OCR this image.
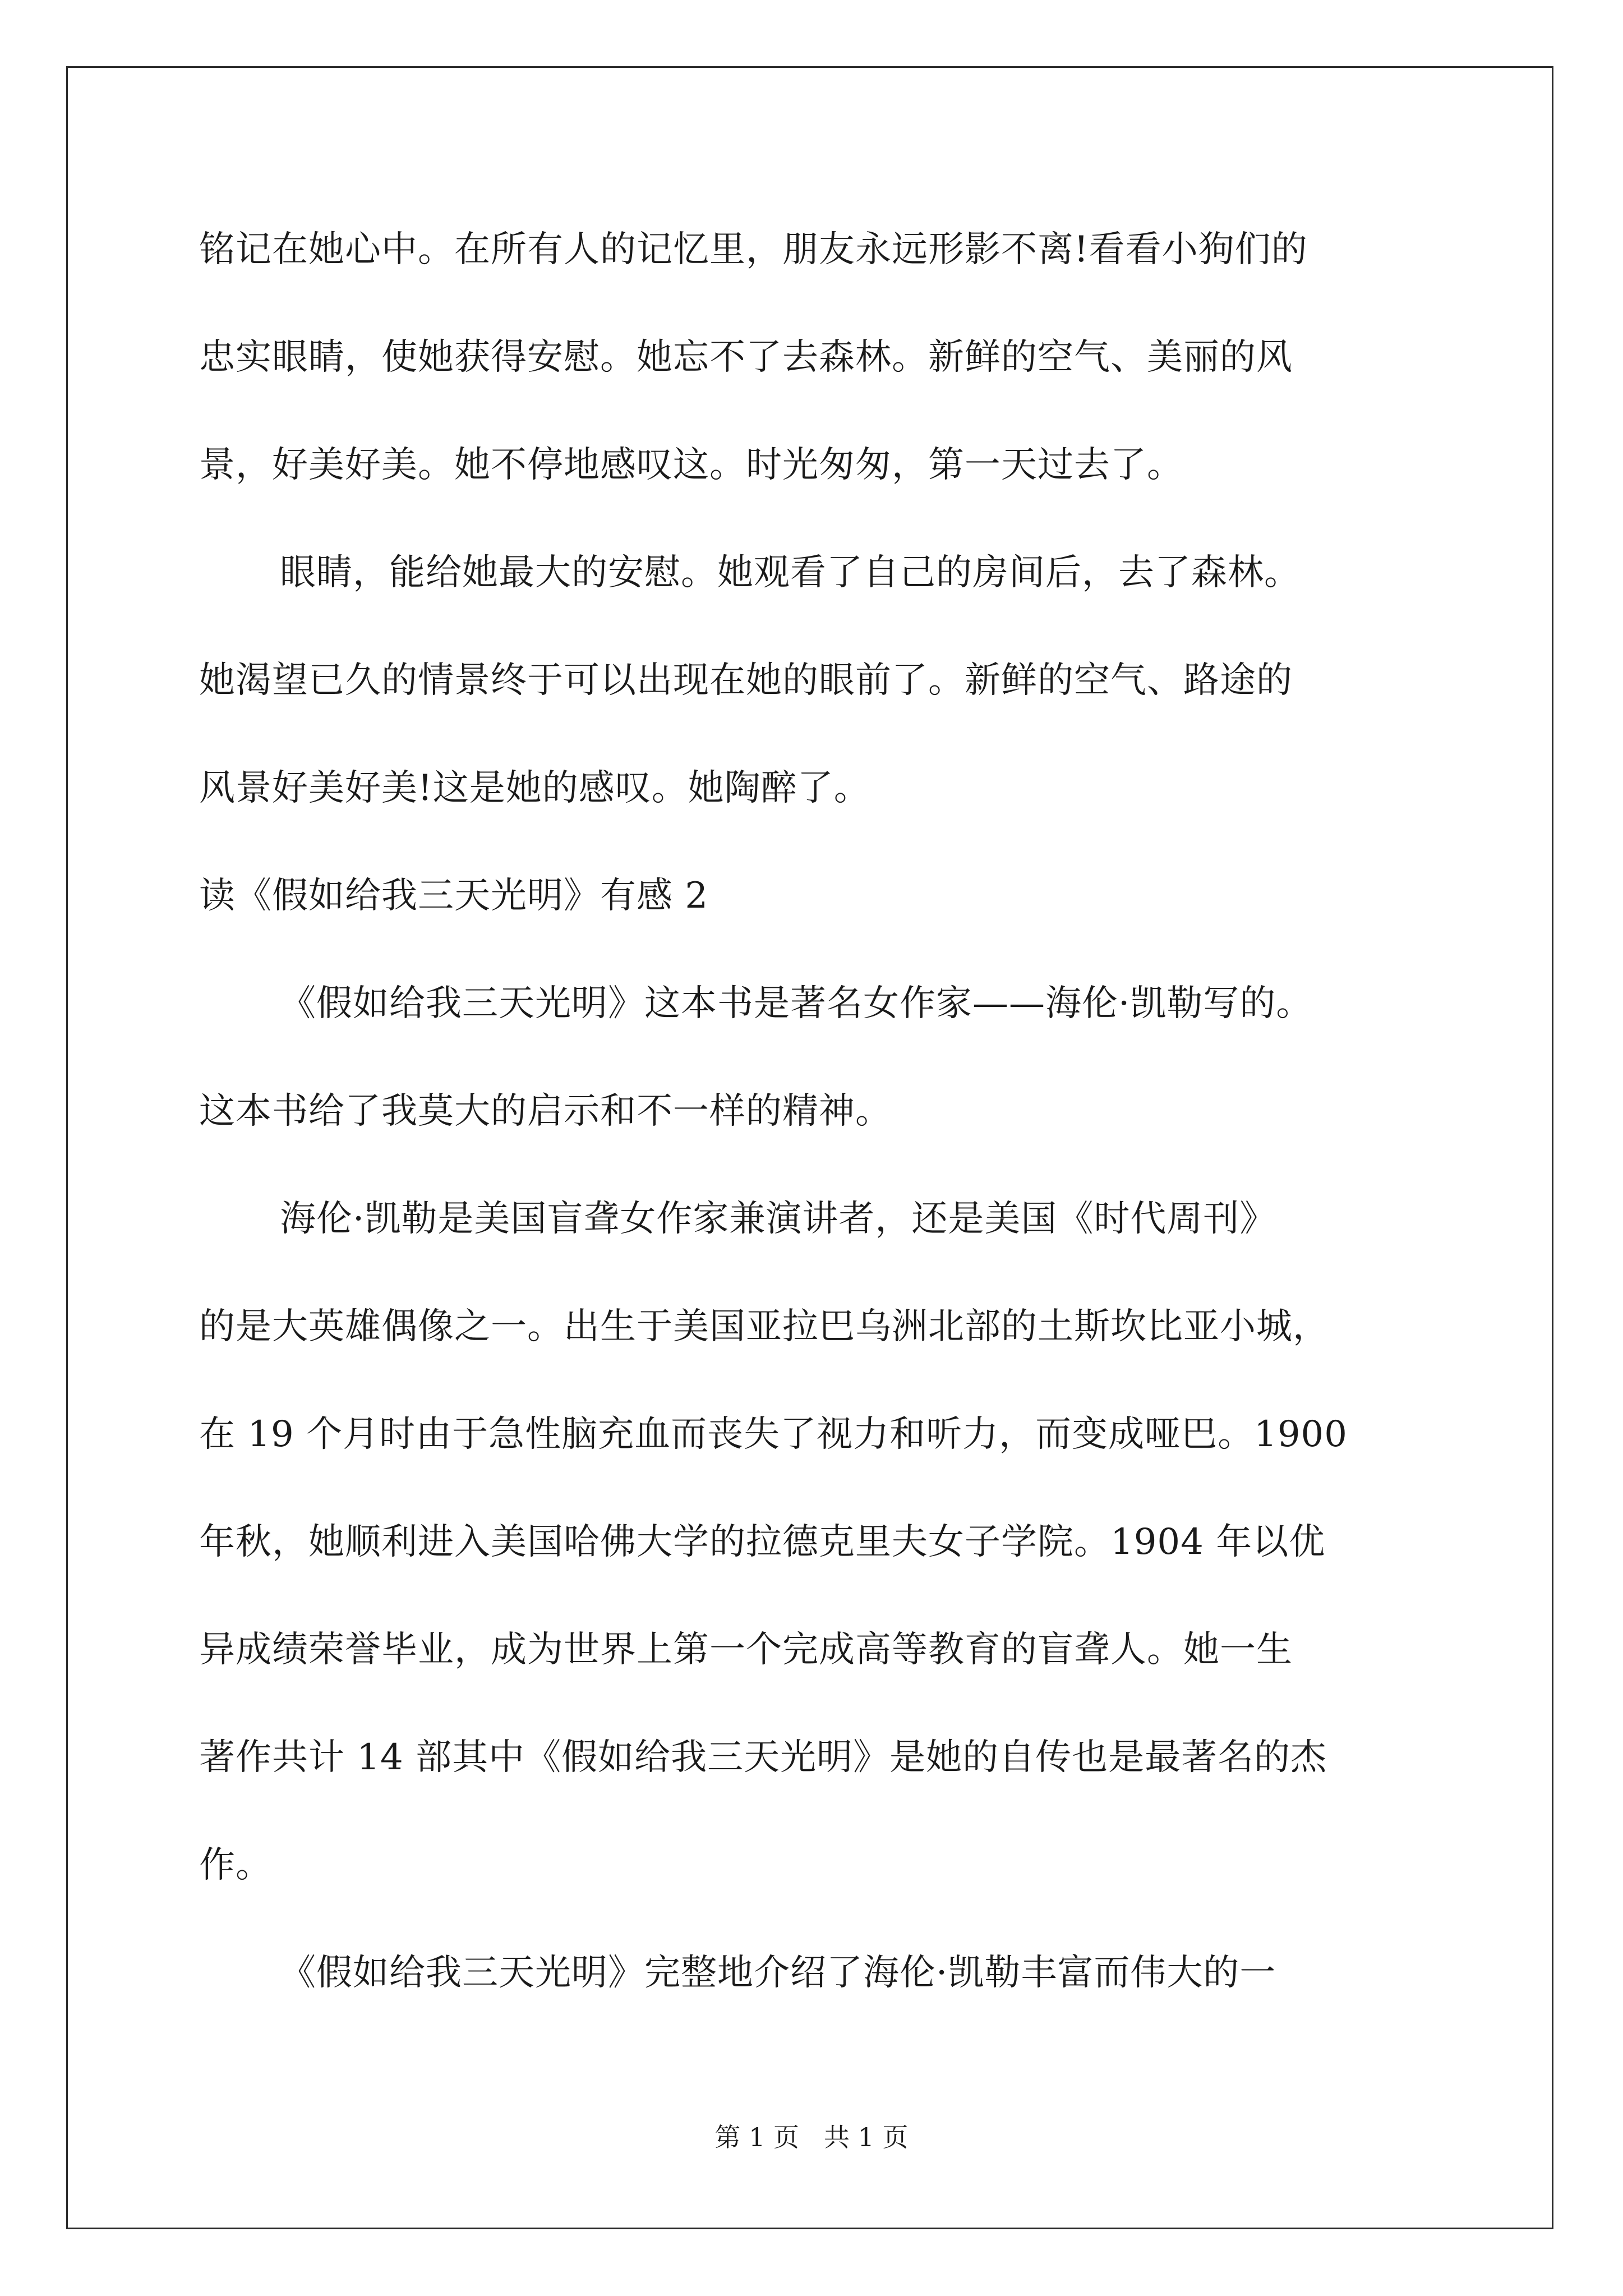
铭记在她心中。在所有人的记忆里，朋友永远形影不离!看看小狗们的
忠实眼睛，使她获得安慰。她忘不了去森林。新鲜的空气、美丽的风
景，好美好美。她不停地感叹这。时光匆匆，第一天过去了。
眼睛，能给她最大的安慰。她观看了自己的房间后，去了森林。
她渴望已久的情景终于可以出现在她的眼前了。新鲜的空气、路途的
风景好美好美!这是她的感叹。她陶醉了。
读《假如给我三天光明》有感 2
《假如给我三天光明》这本书是著名女作家——海伦·凯勒写的。
这本书给了我莫大的启示和不一样的精神。
海伦·凯勒是美国盲聋女作家兼演讲者，还是美国《时代周刊》
的是大英雄偶像之一。出生于美国亚拉巴乌洲北部的土斯坎比亚小城，
在 19 个月时由于急性脑充血而丧失了视力和听力，而变成哑巴。1900
年秋，她顺利进入美国哈佛大学的拉德克里夫女子学院。1904 年以优
异成绩荣誉毕业，成为世界上第一个完成高等教育的盲聋人。她一生
著作共计 14 部其中《假如给我三天光明》是她的自传也是最著名的杰
作。
《假如给我三天光明》完整地介绍了海伦·凯勒丰富而伟大的一
第 1 页 共 1 页
